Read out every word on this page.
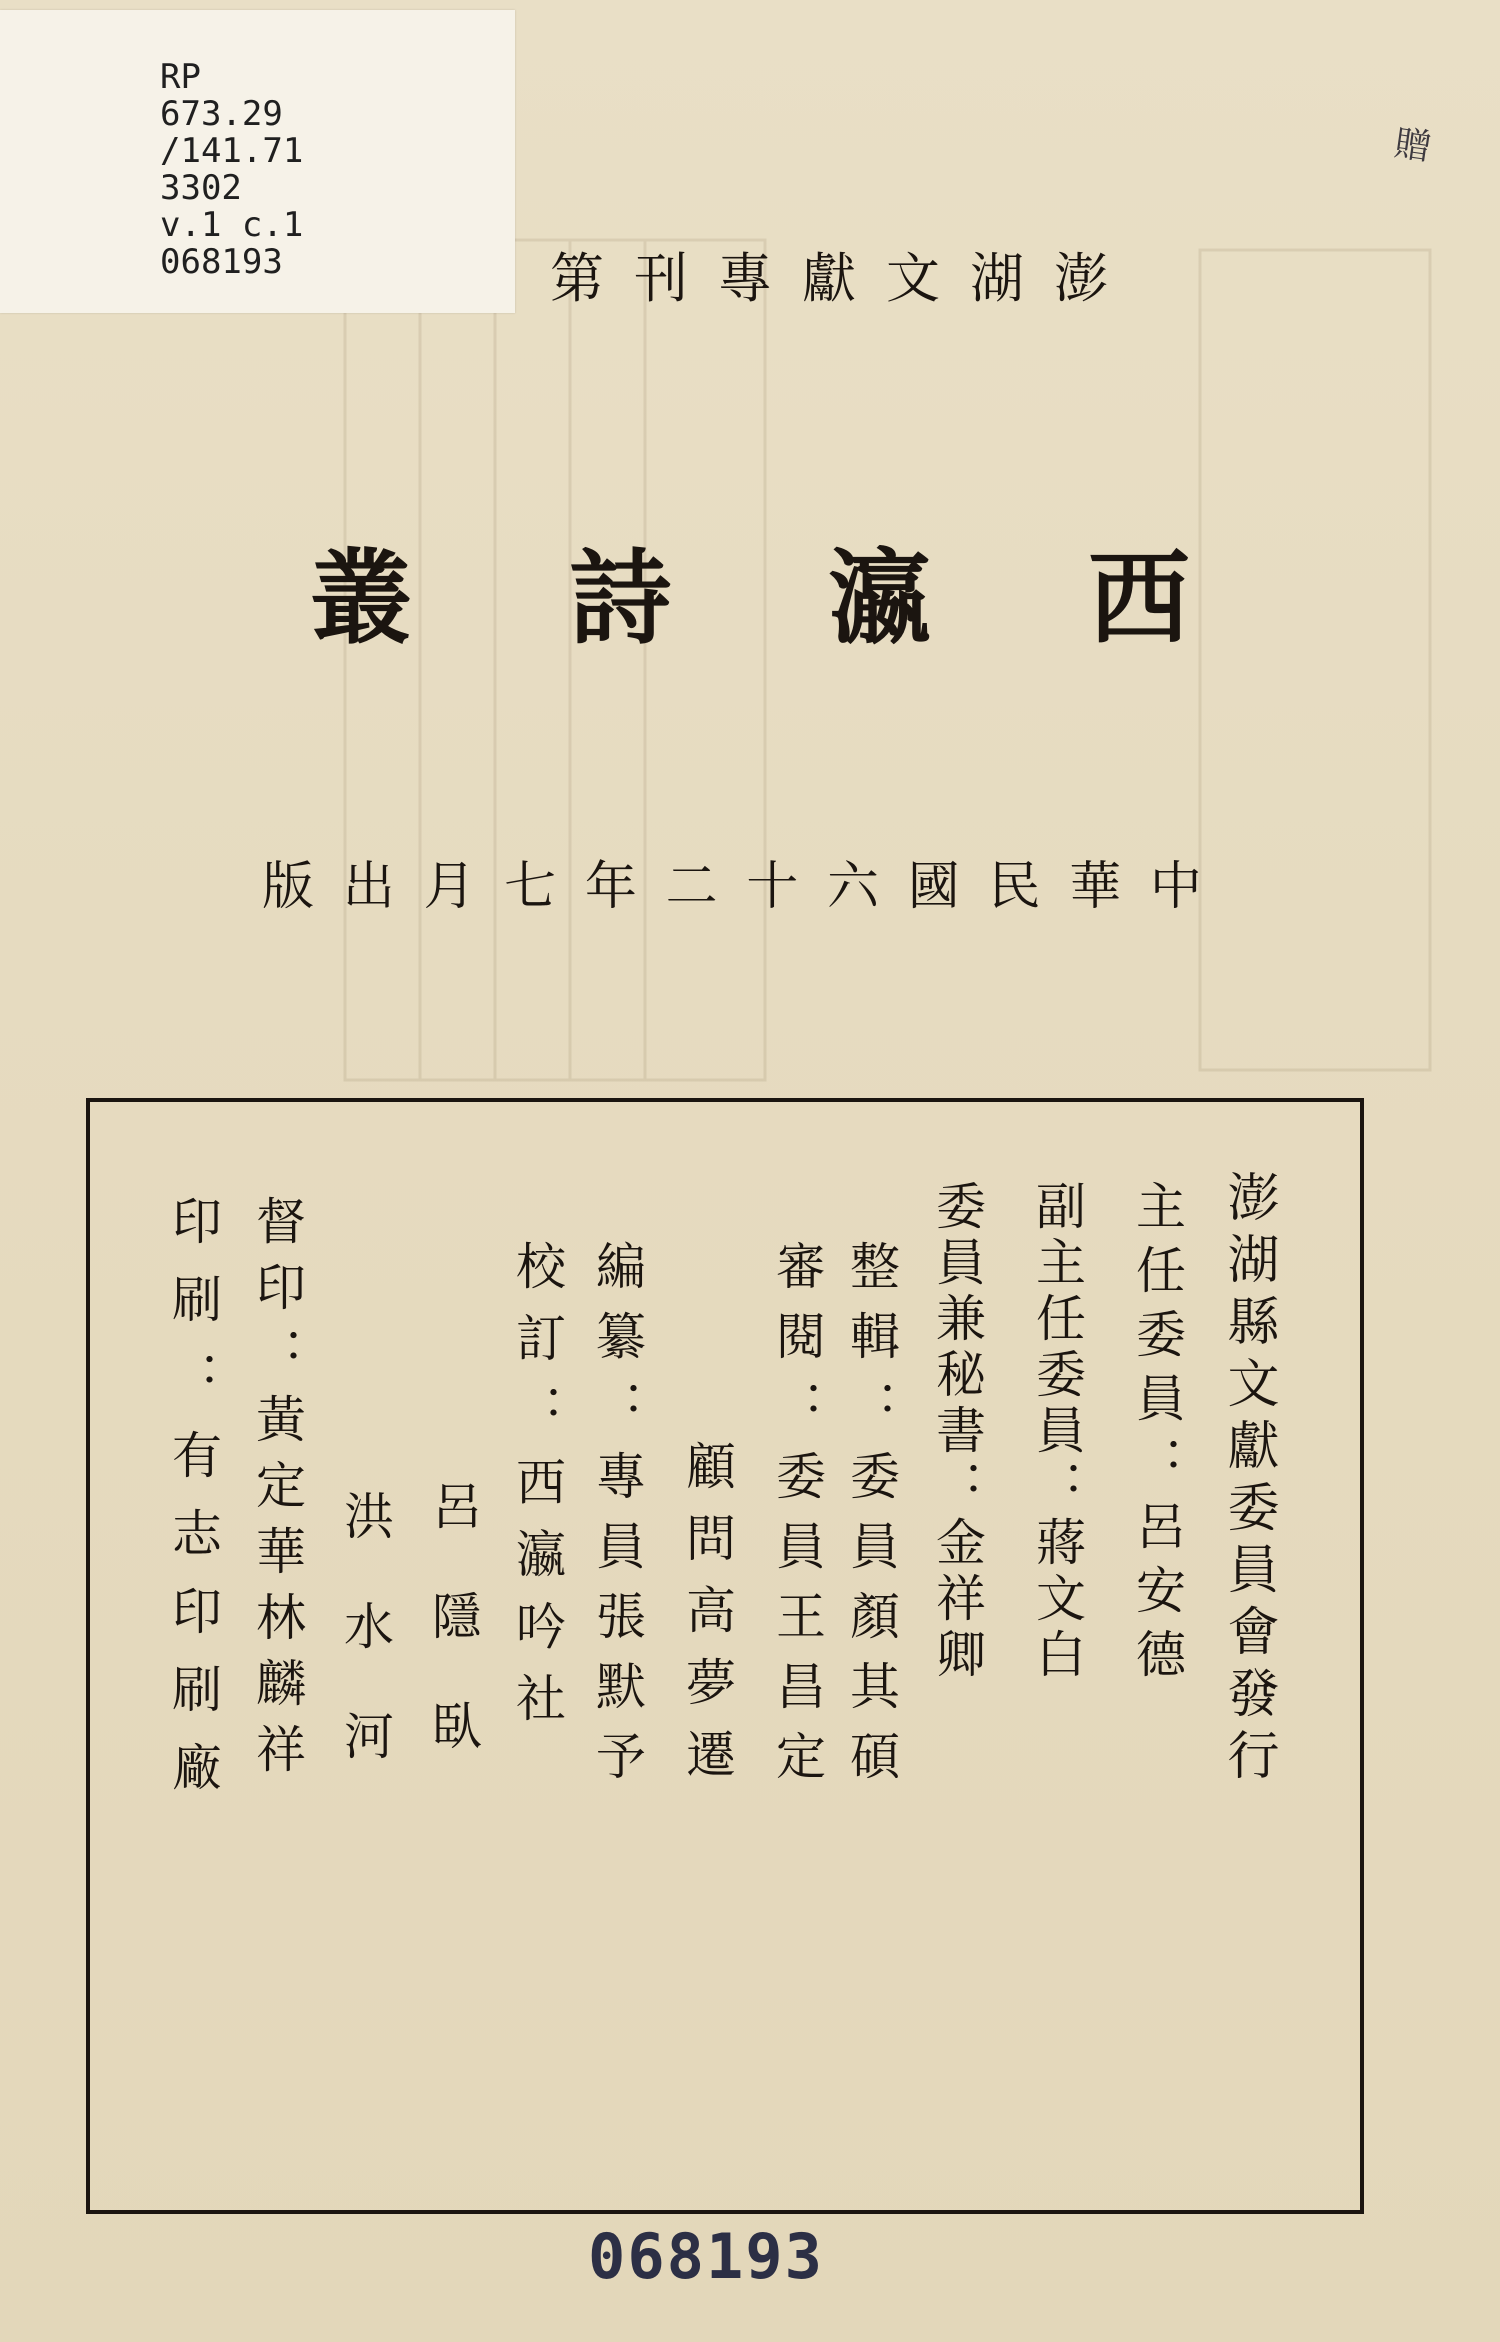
RP
673.29
/141.71
3302
v.1 c.1
068193
贈
第刊專獻文湖澎
叢 詩 瀛 西
版 出 月 七 年 二 十 六 國 民 華 中
澎湖縣文獻委員會發行
主任委員：呂安德
副主任委員：蔣文白
委員兼秘書：金祥卿
整輯：委員顏其碩
審閱：委員王昌定
顧問高夢遷
編纂：專員張默予
校訂：西瀛吟社
呂隱臥
洪水河
督印：黃定華林麟祥
印刷：有志印刷廠
068193
